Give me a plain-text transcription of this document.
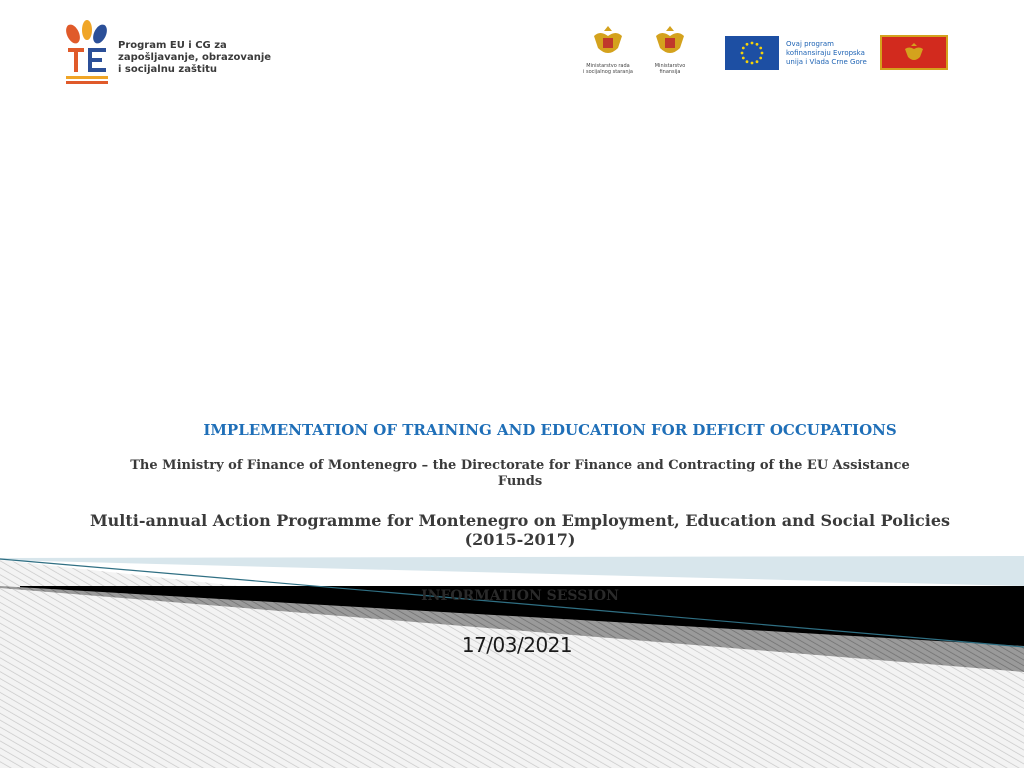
Program EU i CG za
zapošljavanje, obrazovanje
i socijalnu zaštitu	Ministarstvo rada
i socijalnog staranja
Ministarstvo
finansija
Ovaj program
kofinansiraju Evropska
unija i Vlada Crne Gore
IMPLEMENTATION OF TRAINING AND EDUCATION FOR DEFICIT OCCUPATIONS
The Ministry of Finance of Montenegro – the Directorate for Finance and Contracting of the EU Assistance Funds
Multi-annual Action Programme for Montenegro on Employment, Education and Social Policies (2015-2017)
INFORMATION SESSION
17/03/2021
